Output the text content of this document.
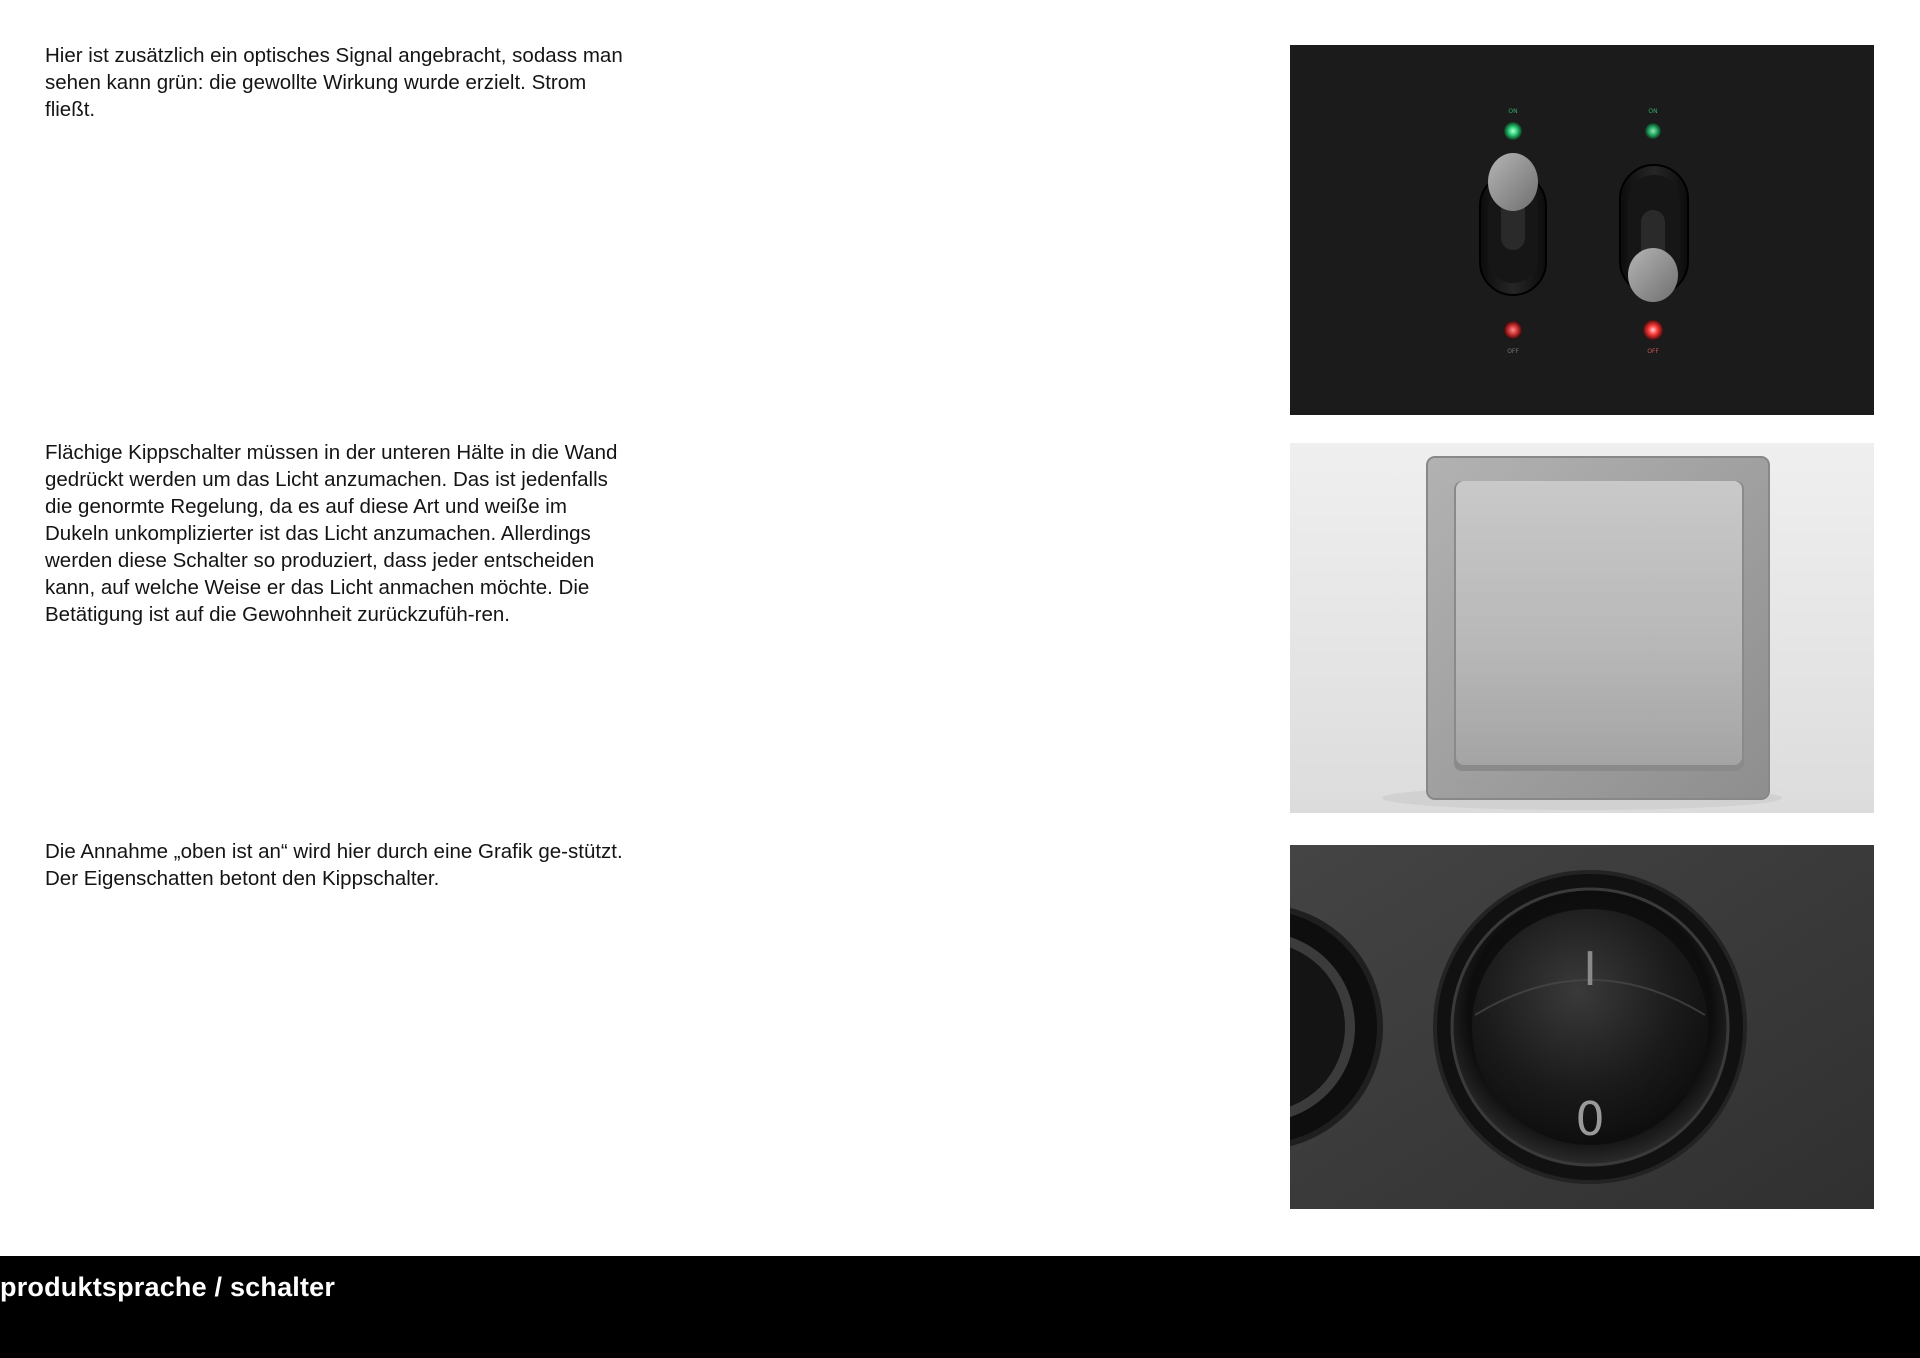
Hier ist zusätzlich ein optisches Signal angebracht, sodass man sehen kann grün: die gewollte Wirkung wurde erzielt. Strom fließt.

Flächige Kippschalter müssen in der unteren Hälte in die Wand gedrückt werden um das Licht anzumachen. Das ist jedenfalls die genormte Regelung, da es auf diese Art und weiße im Dukeln unkomplizierter ist das Licht anzumachen. Allerdings werden diese Schalter so produziert, dass jeder entscheiden kann, auf welche Weise er das Licht anmachen möchte. Die Betätigung ist auf die Gewohnheit zurückzufüh-ren.

Die Annahme „oben ist an“ wird hier durch eine Grafik ge-stützt. Der Eigenschatten betont den Kippschalter.

ON
OFF
ON
OFF
SIEMENS
I
0

produktsprache / schalter
